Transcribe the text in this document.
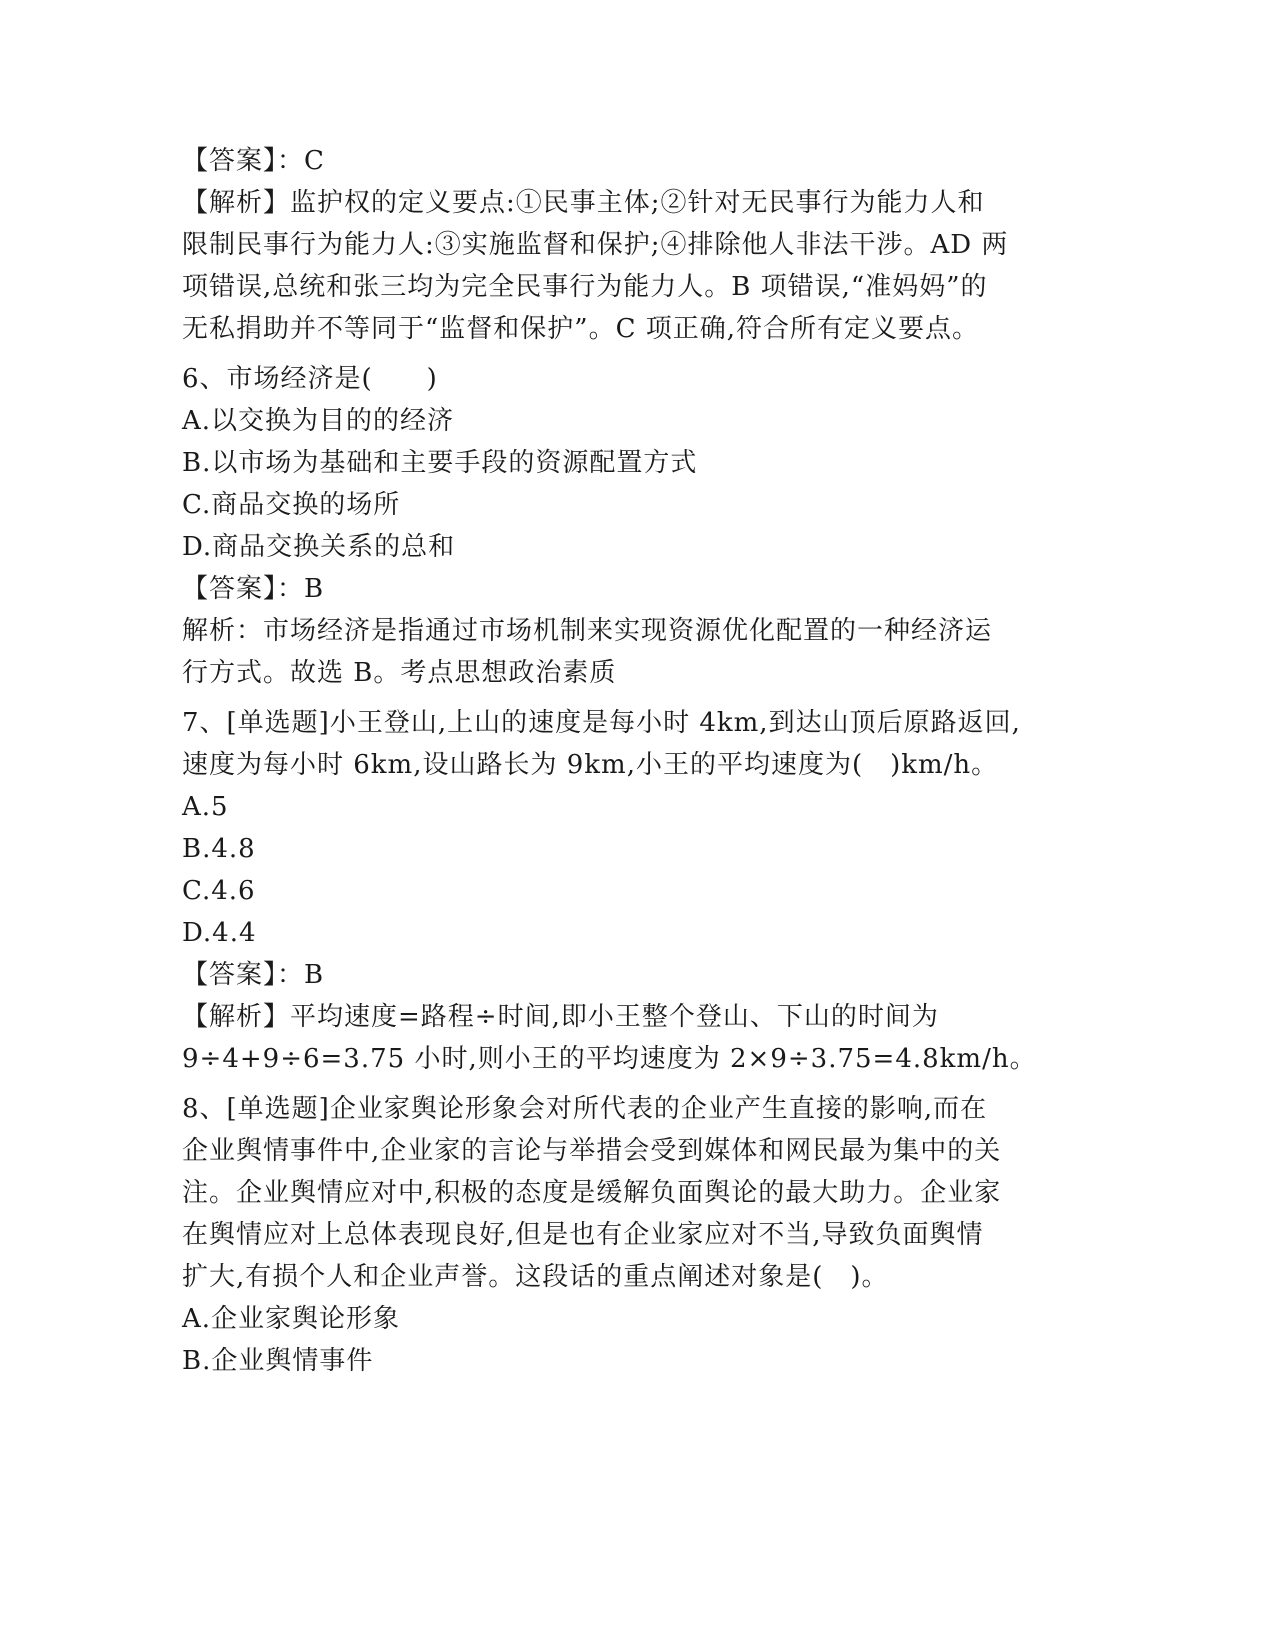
【答案】：C
【解析】监护权的定义要点:①民事主体;②针对无民事行为能力人和
限制民事行为能力人:③实施监督和保护;④排除他人非法干涉。AD 两
项错误,总统和张三均为完全民事行为能力人。B 项错误,“准妈妈”的
无私捐助并不等同于“监督和保护”。C 项正确,符合所有定义要点。
6、市场经济是(　　)
A.以交换为目的的经济
B.以市场为基础和主要手段的资源配置方式
C.商品交换的场所
D.商品交换关系的总和
【答案】：B
解析：市场经济是指通过市场机制来实现资源优化配置的一种经济运
行方式。故选 B。考点思想政治素质
7、[单选题]小王登山,上山的速度是每小时 4km,到达山顶后原路返回,
速度为每小时 6km,设山路长为 9km,小王的平均速度为(　)km/h。
A.5
B.4.8
C.4.6
D.4.4
【答案】：B
【解析】平均速度=路程÷时间,即小王整个登山、下山的时间为
9÷4+9÷6=3.75 小时,则小王的平均速度为 2×9÷3.75=4.8km/h。
8、[单选题]企业家舆论形象会对所代表的企业产生直接的影响,而在
企业舆情事件中,企业家的言论与举措会受到媒体和网民最为集中的关
注。企业舆情应对中,积极的态度是缓解负面舆论的最大助力。企业家
在舆情应对上总体表现良好,但是也有企业家应对不当,导致负面舆情
扩大,有损个人和企业声誉。这段话的重点阐述对象是(　)。
A.企业家舆论形象
B.企业舆情事件
